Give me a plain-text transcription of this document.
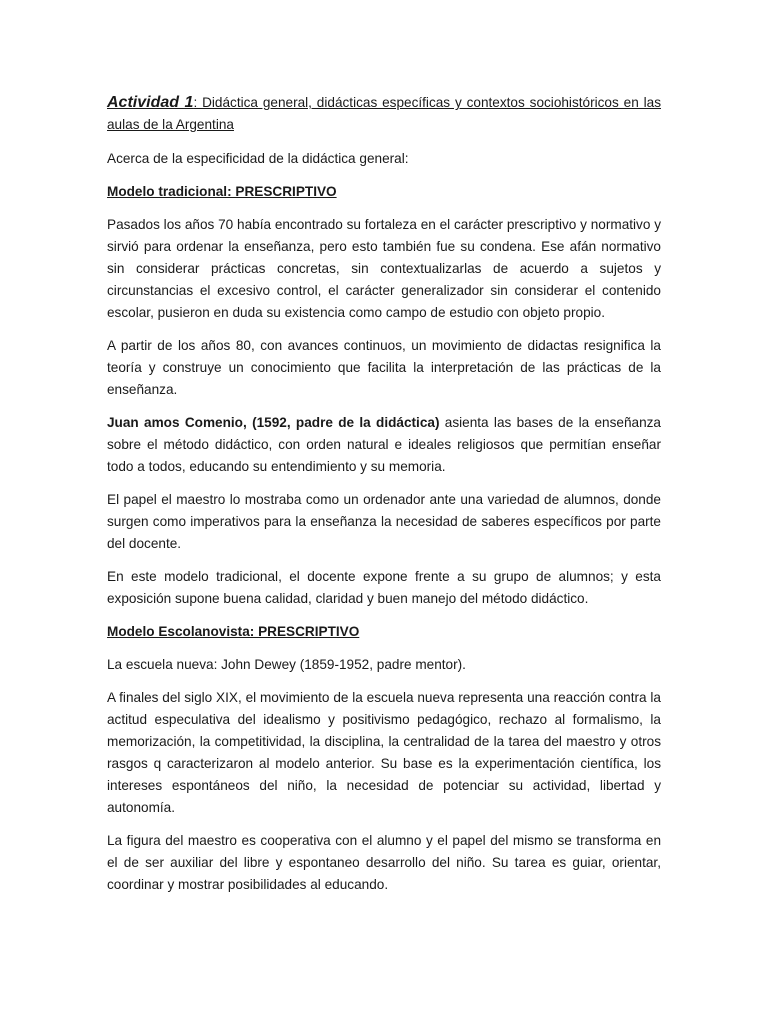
Actividad 1: Didáctica general, didácticas específicas y contextos sociohistóricos en las aulas de la Argentina

Acerca de la especificidad de la didáctica general:

Modelo tradicional: PRESCRIPTIVO

Pasados los años 70 había encontrado su fortaleza en el carácter prescriptivo y normativo y sirvió para ordenar la enseñanza, pero esto también fue su condena. Ese afán normativo sin considerar prácticas concretas, sin contextualizarlas de acuerdo a sujetos y circunstancias el excesivo control, el carácter generalizador sin considerar el contenido escolar, pusieron en duda su existencia como campo de estudio con objeto propio.

A partir de los años 80, con avances continuos, un movimiento de didactas resignifica la teoría y construye un conocimiento que facilita la interpretación de las prácticas de la enseñanza.

Juan amos Comenio, (1592, padre de la didáctica) asienta las bases de la enseñanza sobre el método didáctico, con orden natural e ideales religiosos que permitían enseñar todo a todos, educando su entendimiento y su memoria.

El papel el maestro lo mostraba como un ordenador ante una variedad de alumnos, donde surgen como imperativos para la enseñanza la necesidad de saberes específicos por parte del docente.

En este modelo tradicional, el docente expone frente a su grupo de alumnos; y esta exposición supone buena calidad, claridad y buen manejo del método didáctico.

Modelo Escolanovista: PRESCRIPTIVO

La escuela nueva: John Dewey (1859-1952, padre mentor).

A finales del siglo XIX, el movimiento de la escuela nueva representa una reacción contra la actitud especulativa del idealismo y positivismo pedagógico, rechazo al formalismo, la memorización, la competitividad, la disciplina, la centralidad de la tarea del maestro y otros rasgos q caracterizaron al modelo anterior. Su base es la experimentación científica, los intereses espontáneos del niño, la necesidad de potenciar su actividad, libertad y autonomía.

La figura del maestro es cooperativa con el alumno y el papel del mismo se transforma en el de ser auxiliar del libre y espontaneo desarrollo del niño. Su tarea es guiar, orientar, coordinar y mostrar posibilidades al educando.
